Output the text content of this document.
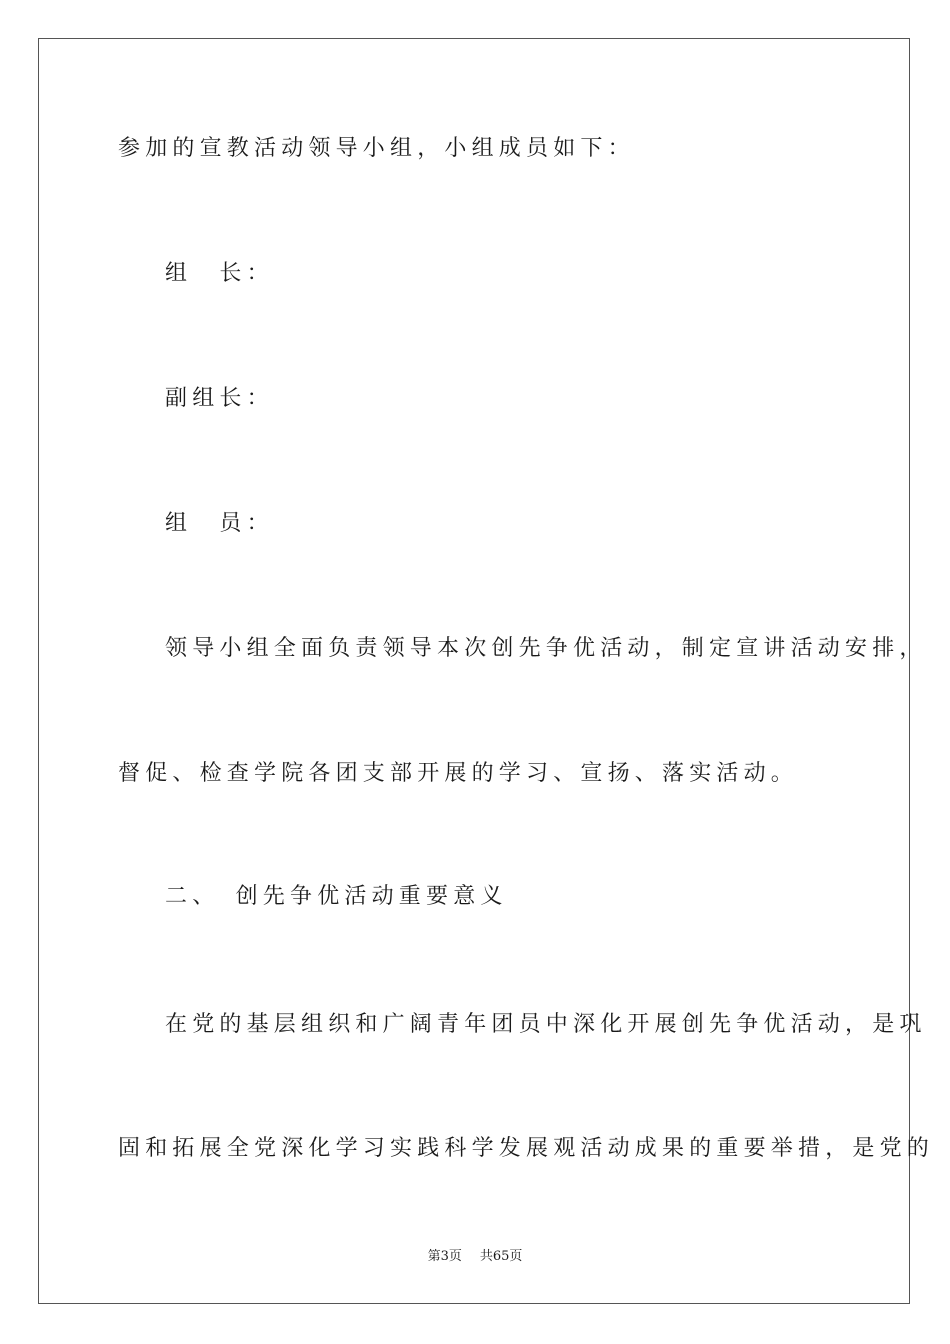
参加的宣教活动领导小组，小组成员如下：
组　长：
副组长：
组　员：
领导小组全面负责领导本次创先争优活动，制定宣讲活动安排，
督促、检查学院各团支部开展的学习、宣扬、落实活动。
二、　创先争优活动重要意义
在党的基层组织和广阔青年团员中深化开展创先争优活动，是巩
固和拓展全党深化学习实践科学发展观活动成果的重要举措，是党的
第3页 共65页
